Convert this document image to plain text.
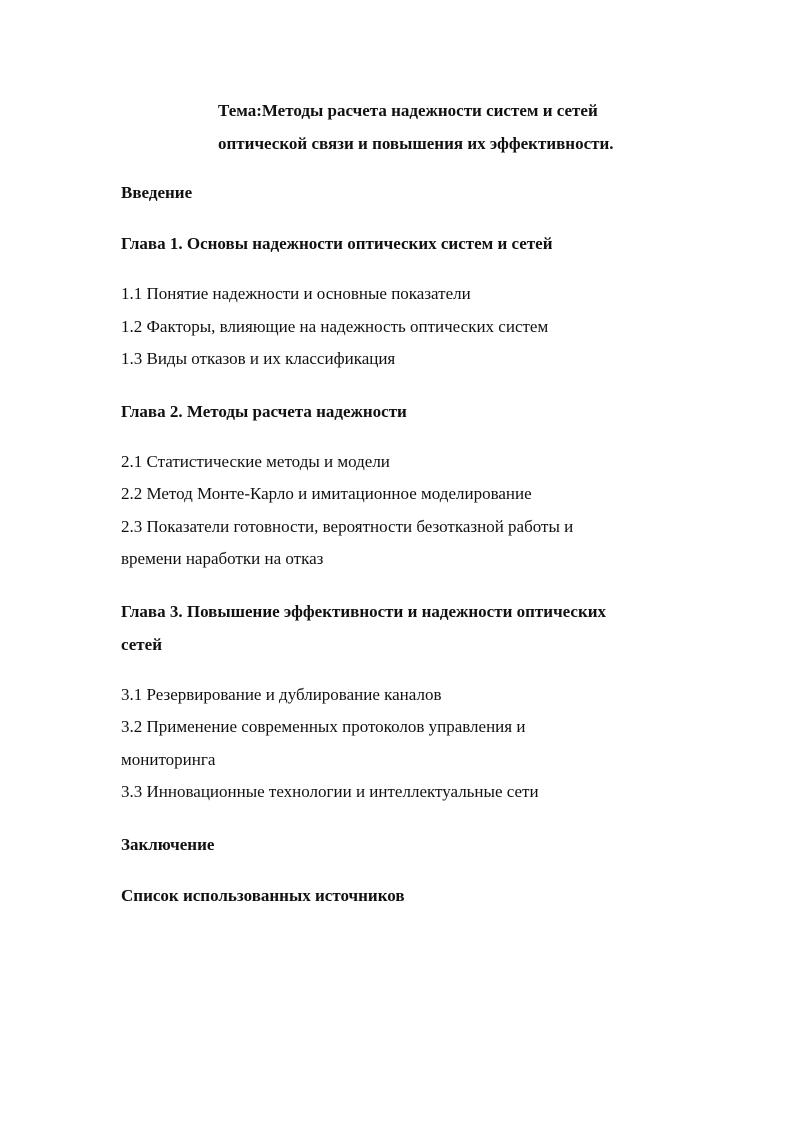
Тема:Методы расчета надежности систем и сетей
оптической связи и повышения их эффективности.

Введение

Глава 1. Основы надежности оптических систем и сетей

1.1 Понятие надежности и основные показатели

1.2 Факторы, влияющие на надежность оптических систем

1.3 Виды отказов и их классификация

Глава 2. Методы расчета надежности

2.1 Статистические методы и модели

2.2 Метод Монте-Карло и имитационное моделирование

2.3 Показатели готовности, вероятности безотказной работы и
времени наработки на отказ

Глава 3. Повышение эффективности и надежности оптических
сетей

3.1 Резервирование и дублирование каналов

3.2 Применение современных протоколов управления и
мониторинга

3.3 Инновационные технологии и интеллектуальные сети

Заключение

Список использованных источников
